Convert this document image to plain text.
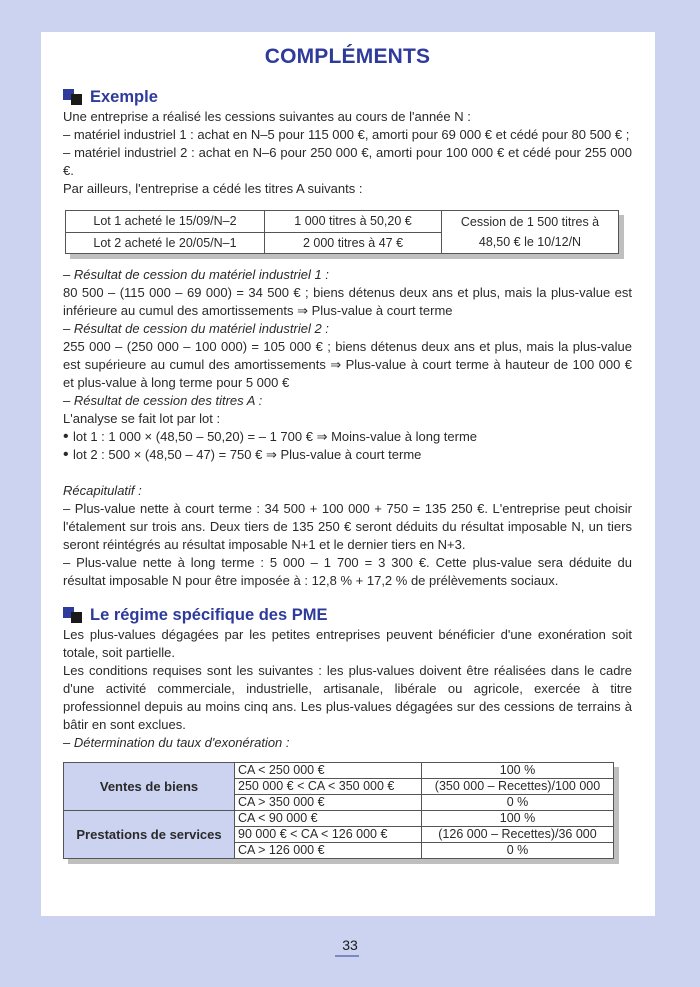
COMPLÉMENTS
Exemple

Une entreprise a réalisé les cessions suivantes au cours de l'année N :

– matériel industriel 1 : achat en N–5 pour 115 000 €, amorti pour 69 000 € et cédé pour 80 500 € ;

– matériel industriel 2 : achat en N–6 pour 250 000 €, amorti pour 100 000 € et cédé pour 255 000 €.

Par ailleurs, l'entreprise a cédé les titres A suivants :

Lot 1 acheté le 15/09/N–2	1 000 titres à 50,20 €	Cession de 1 500 titres à 48,50 € le 10/12/N
Lot 2 acheté le 20/05/N–1	2 000 titres à 47 €	

– Résultat de cession du matériel industriel 1 :

80 500 – (115 000 – 69 000) = 34 500 € ; biens détenus deux ans et plus, mais la plus-value est inférieure au cumul des amortissements ⇒ Plus-value à court terme

– Résultat de cession du matériel industriel 2 :

255 000 – (250 000 – 100 000) = 105 000 € ; biens détenus deux ans et plus, mais la plus-value est supérieure au cumul des amortissements ⇒ Plus-value à court terme à hauteur de 100 000 € et plus-value à long terme pour 5 000 €

– Résultat de cession des titres A :

L'analyse se fait lot par lot :

• lot 1 : 1 000 × (48,50 – 50,20) = – 1 700 € ⇒ Moins-value à long terme

• lot 2 : 500 × (48,50 – 47) = 750 € ⇒ Plus-value à court terme

Récapitulatif :

– Plus-value nette à court terme : 34 500 + 100 000 + 750 = 135 250 €. L'entreprise peut choisir l'étalement sur trois ans. Deux tiers de 135 250 € seront déduits du résultat imposable N, un tiers seront réintégrés au résultat imposable N+1 et le dernier tiers en N+3.

– Plus-value nette à long terme : 5 000 – 1 700 = 3 300 €. Cette plus-value sera déduite du résultat imposable N pour être imposée à : 12,8 % + 17,2 % de prélèvements sociaux.

Le régime spécifique des PME

Les plus-values dégagées par les petites entreprises peuvent bénéficier d'une exonération soit totale, soit partielle.

Les conditions requises sont les suivantes : les plus-values doivent être réalisées dans le cadre d'une activité commerciale, industrielle, artisanale, libérale ou agricole, exercée à titre professionnel depuis au moins cinq ans. Les plus-values dégagées sur des cessions de terrains à bâtir en sont exclues.

– Détermination du taux d'exonération :

Ventes de biens	CA < 250 000 €	100 %
	250 000 € < CA < 350 000 €	(350 000 – Recettes)/100 000
	CA > 350 000 €	0 %
Prestations de services	CA < 90 000 €	100 %
	90 000 € < CA < 126 000 €	(126 000 – Recettes)/36 000
	CA > 126 000 €	0 %
33
